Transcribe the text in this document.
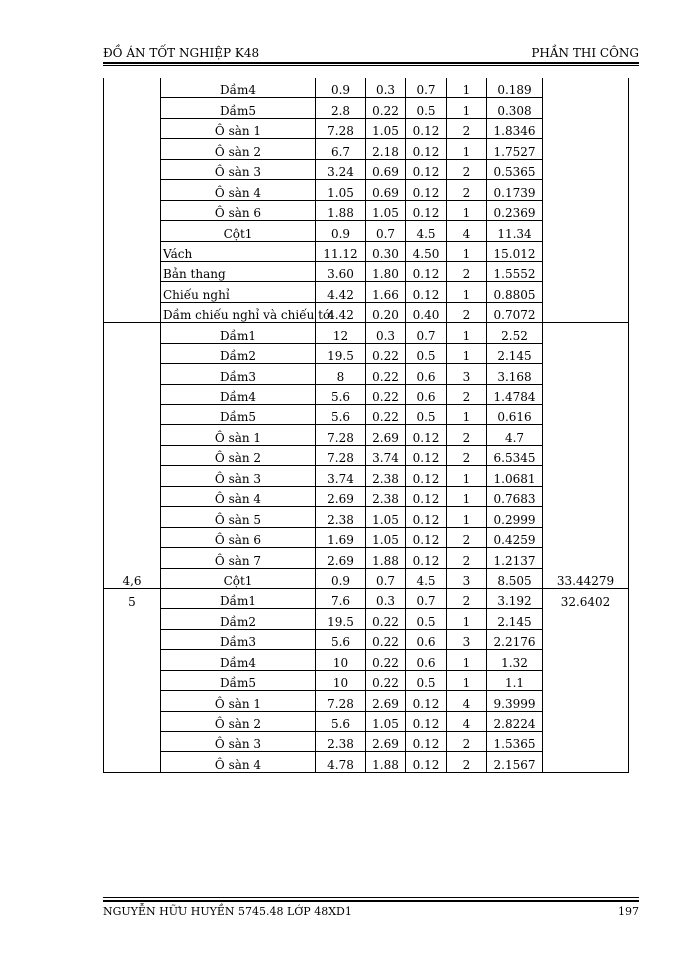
ĐỒ ÁN TỐT NGHIỆP K48	PHẦN THI CÔNG
	Dầm4	0.9	0.3	0.7	1	0.189	
	Dầm5	2.8	0.22	0.5	1	0.308	
	Ô sàn 1	7.28	1.05	0.12	2	1.8346	
	Ô sàn 2	6.7	2.18	0.12	1	1.7527	
	Ô sàn 3	3.24	0.69	0.12	2	0.5365	
	Ô sàn 4	1.05	0.69	0.12	2	0.1739	
	Ô sàn 6	1.88	1.05	0.12	1	0.2369	
	Cột1	0.9	0.7	4.5	4	11.34	
	Vách	11.12	0.30	4.50	1	15.012	
	Bản thang	3.60	1.80	0.12	2	1.5552	
	Chiếu nghỉ	4.42	1.66	0.12	1	0.8805	
	Dầm chiếu nghỉ và chiếu tới	4.42	0.20	0.40	2	0.7072	
	Dầm1	12	0.3	0.7	1	2.52	
	Dầm2	19.5	0.22	0.5	1	2.145	
	Dầm3	8	0.22	0.6	3	3.168	
	Dầm4	5.6	0.22	0.6	2	1.4784	
	Dầm5	5.6	0.22	0.5	1	0.616	
	Ô sàn 1	7.28	2.69	0.12	2	4.7	
	Ô sàn 2	7.28	3.74	0.12	2	6.5345	
	Ô sàn 3	3.74	2.38	0.12	1	1.0681	
	Ô sàn 4	2.69	2.38	0.12	1	0.7683	
	Ô sàn 5	2.38	1.05	0.12	1	0.2999	
	Ô sàn 6	1.69	1.05	0.12	2	0.4259	
	Ô sàn 7	2.69	1.88	0.12	2	1.2137	
4,6	Cột1	0.9	0.7	4.5	3	8.505	33.44279
5	Dầm1	7.6	0.3	0.7	2	3.192	32.6402
	Dầm2	19.5	0.22	0.5	1	2.145	
	Dầm3	5.6	0.22	0.6	3	2.2176	
	Dầm4	10	0.22	0.6	1	1.32	
	Dầm5	10	0.22	0.5	1	1.1	
	Ô sàn 1	7.28	2.69	0.12	4	9.3999	
	Ô sàn 2	5.6	1.05	0.12	4	2.8224	
	Ô sàn 3	2.38	2.69	0.12	2	1.5365	
	Ô sàn 4	4.78	1.88	0.12	2	2.1567	
NGUYỄN HỮU HUYỀN 5745.48 LỚP 48XD1	197
